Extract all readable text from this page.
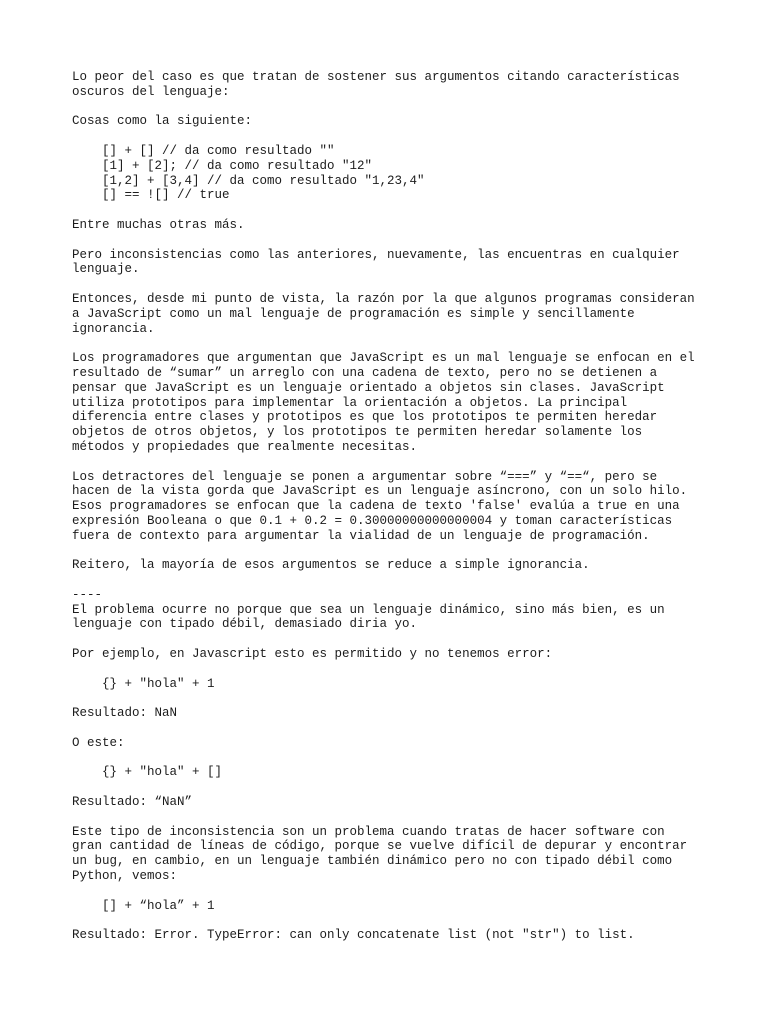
Lo peor del caso es que tratan de sostener sus argumentos citando características
oscuros del lenguaje:
Cosas como la siguiente:
[] + [] // da como resultado ""
[1] + [2]; // da como resultado "12"
[1,2] + [3,4] // da como resultado "1,23,4"
[] == ![] // true
Entre muchas otras más.
Pero inconsistencias como las anteriores, nuevamente, las encuentras en cualquier
lenguaje.
Entonces, desde mi punto de vista, la razón por la que algunos programas consideran
a JavaScript como un mal lenguaje de programación es simple y sencillamente
ignorancia.
Los programadores que argumentan que JavaScript es un mal lenguaje se enfocan en el
resultado de “sumar” un arreglo con una cadena de texto, pero no se detienen a
pensar que JavaScript es un lenguaje orientado a objetos sin clases. JavaScript
utiliza prototipos para implementar la orientación a objetos. La principal
diferencia entre clases y prototipos es que los prototipos te permiten heredar
objetos de otros objetos, y los prototipos te permiten heredar solamente los
métodos y propiedades que realmente necesitas.
Los detractores del lenguaje se ponen a argumentar sobre “===” y “==“, pero se
hacen de la vista gorda que JavaScript es un lenguaje asíncrono, con un solo hilo.
Esos programadores se enfocan que la cadena de texto 'false' evalúa a true en una
expresión Booleana o que 0.1 + 0.2 = 0.30000000000000004 y toman características
fuera de contexto para argumentar la vialidad de un lenguaje de programación.
Reitero, la mayoría de esos argumentos se reduce a simple ignorancia.
----
El problema ocurre no porque que sea un lenguaje dinámico, sino más bien, es un
lenguaje con tipado débil, demasiado diria yo.
Por ejemplo, en Javascript esto es permitido y no tenemos error:
{} + "hola" + 1
Resultado: NaN
O este:
{} + "hola" + []
Resultado: “NaN”
Este tipo de inconsistencia son un problema cuando tratas de hacer software con
gran cantidad de líneas de código, porque se vuelve difícil de depurar y encontrar
un bug, en cambio, en un lenguaje también dinámico pero no con tipado débil como
Python, vemos:
[] + “hola” + 1
Resultado: Error. TypeError: can only concatenate list (not "str") to list.
